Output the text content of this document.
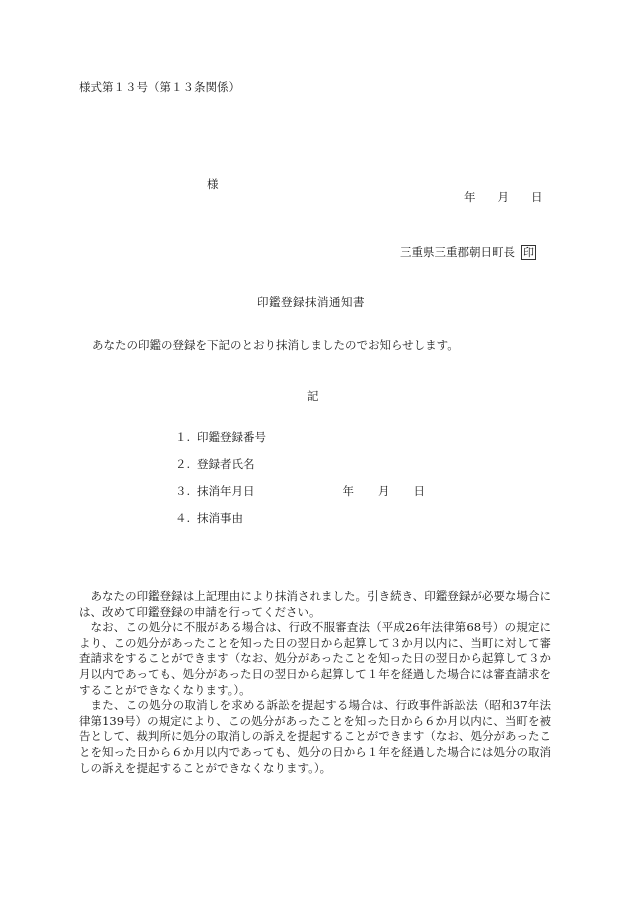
様式第１３号（第１３条関係）
様
年 月 日
三重県三重郡朝日町長 印
印鑑登録抹消通知書
あなたの印鑑の登録を下記のとおり抹消しましたのでお知らせします。
記
１. 印鑑登録番号
２. 登録者氏名
３. 抹消年月日	年 月 日
４. 抹消事由

あなたの印鑑登録は上記理由により抹消されました。引き続き、印鑑登録が必要な場合には、改めて印鑑登録の申請を行ってください。

なお、この処分に不服がある場合は、行政不服審査法（平成26年法律第68号）の規定により、この処分があったことを知った日の翌日から起算して３か月以内に、当町に対して審査請求をすることができます（なお、処分があったことを知った日の翌日から起算して３か月以内であっても、処分があった日の翌日から起算して１年を経過した場合には審査請求をすることができなくなります。）。

また、この処分の取消しを求める訴訟を提起する場合は、行政事件訴訟法（昭和37年法律第139号）の規定により、この処分があったことを知った日から６か月以内に、当町を被告として、裁判所に処分の取消しの訴えを提起することができます（なお、処分があったことを知った日から６か月以内であっても、処分の日から１年を経過した場合には処分の取消しの訴えを提起することができなくなります。）。
